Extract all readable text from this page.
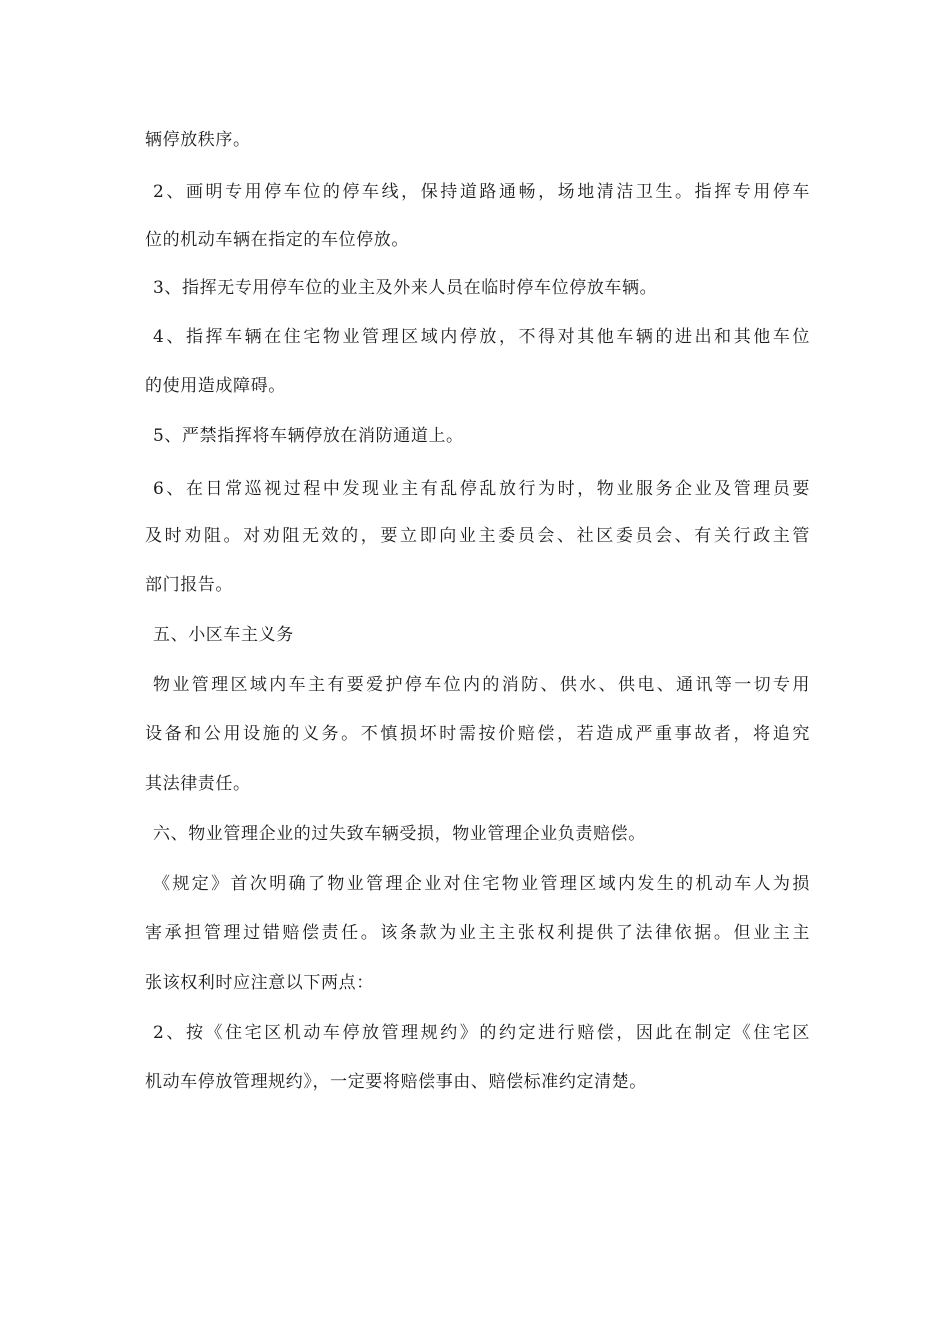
辆停放秩序。
2、画明专用停车位的停车线，保持道路通畅，场地清洁卫生。指挥专用停车
位的机动车辆在指定的车位停放。
3、指挥无专用停车位的业主及外来人员在临时停车位停放车辆。
4、指挥车辆在住宅物业管理区域内停放，不得对其他车辆的进出和其他车位
的使用造成障碍。
5、严禁指挥将车辆停放在消防通道上。
6、在日常巡视过程中发现业主有乱停乱放行为时，物业服务企业及管理员要
及时劝阻。对劝阻无效的，要立即向业主委员会、社区委员会、有关行政主管
部门报告。
五、小区车主义务
物业管理区域内车主有要爱护停车位内的消防、供水、供电、通讯等一切专用
设备和公用设施的义务。不慎损坏时需按价赔偿，若造成严重事故者，将追究
其法律责任。
六、物业管理企业的过失致车辆受损，物业管理企业负责赔偿。
《规定》首次明确了物业管理企业对住宅物业管理区域内发生的机动车人为损
害承担管理过错赔偿责任。该条款为业主主张权利提供了法律依据。但业主主
张该权利时应注意以下两点：
2、按《住宅区机动车停放管理规约》的约定进行赔偿，因此在制定《住宅区
机动车停放管理规约》，一定要将赔偿事由、赔偿标准约定清楚。
